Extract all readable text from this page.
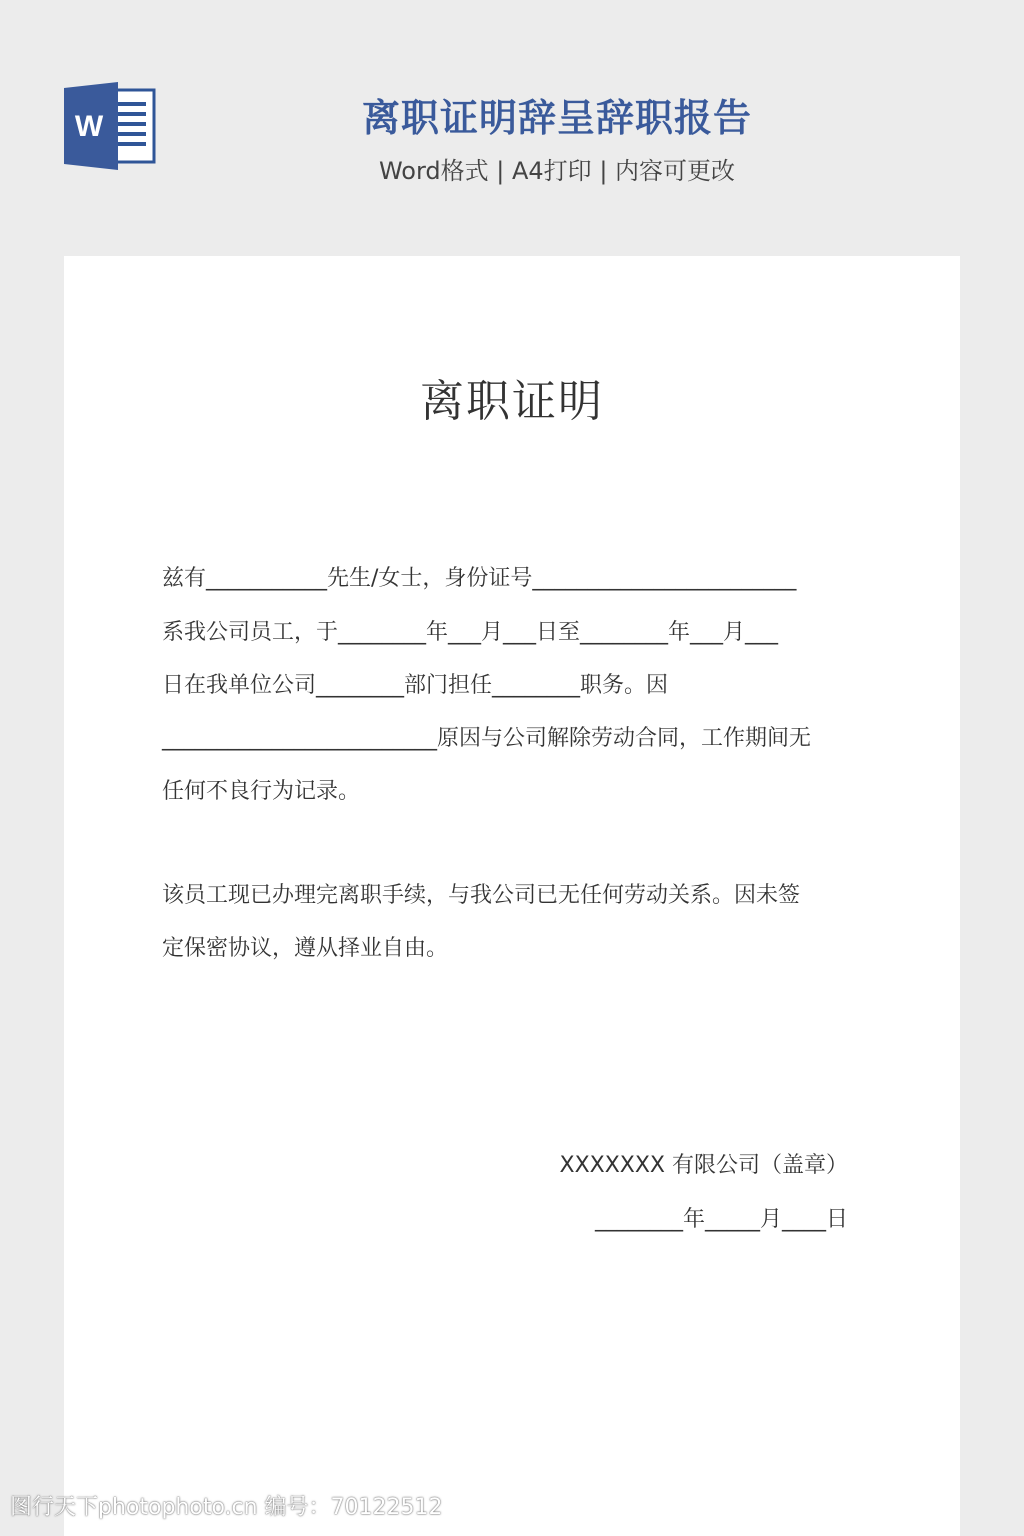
W	离职证明辞呈辞职报告
Word格式 | A4打印 | 内容可更改
离职证明
兹有___________先生/女士，身份证号________________________
系我公司员工，于________年___月___日至________年___月___
日在我单位公司________部门担任________职务。因
_________________________原因与公司解除劳动合同，工作期间无
任何不良行为记录。
该员工现已办理完离职手续，与我公司已无任何劳动关系。因未签
定保密协议，遵从择业自由。
XXXXXXX 有限公司（盖章）
________年_____月____日
图行天下photophoto.cn 编号：70122512
